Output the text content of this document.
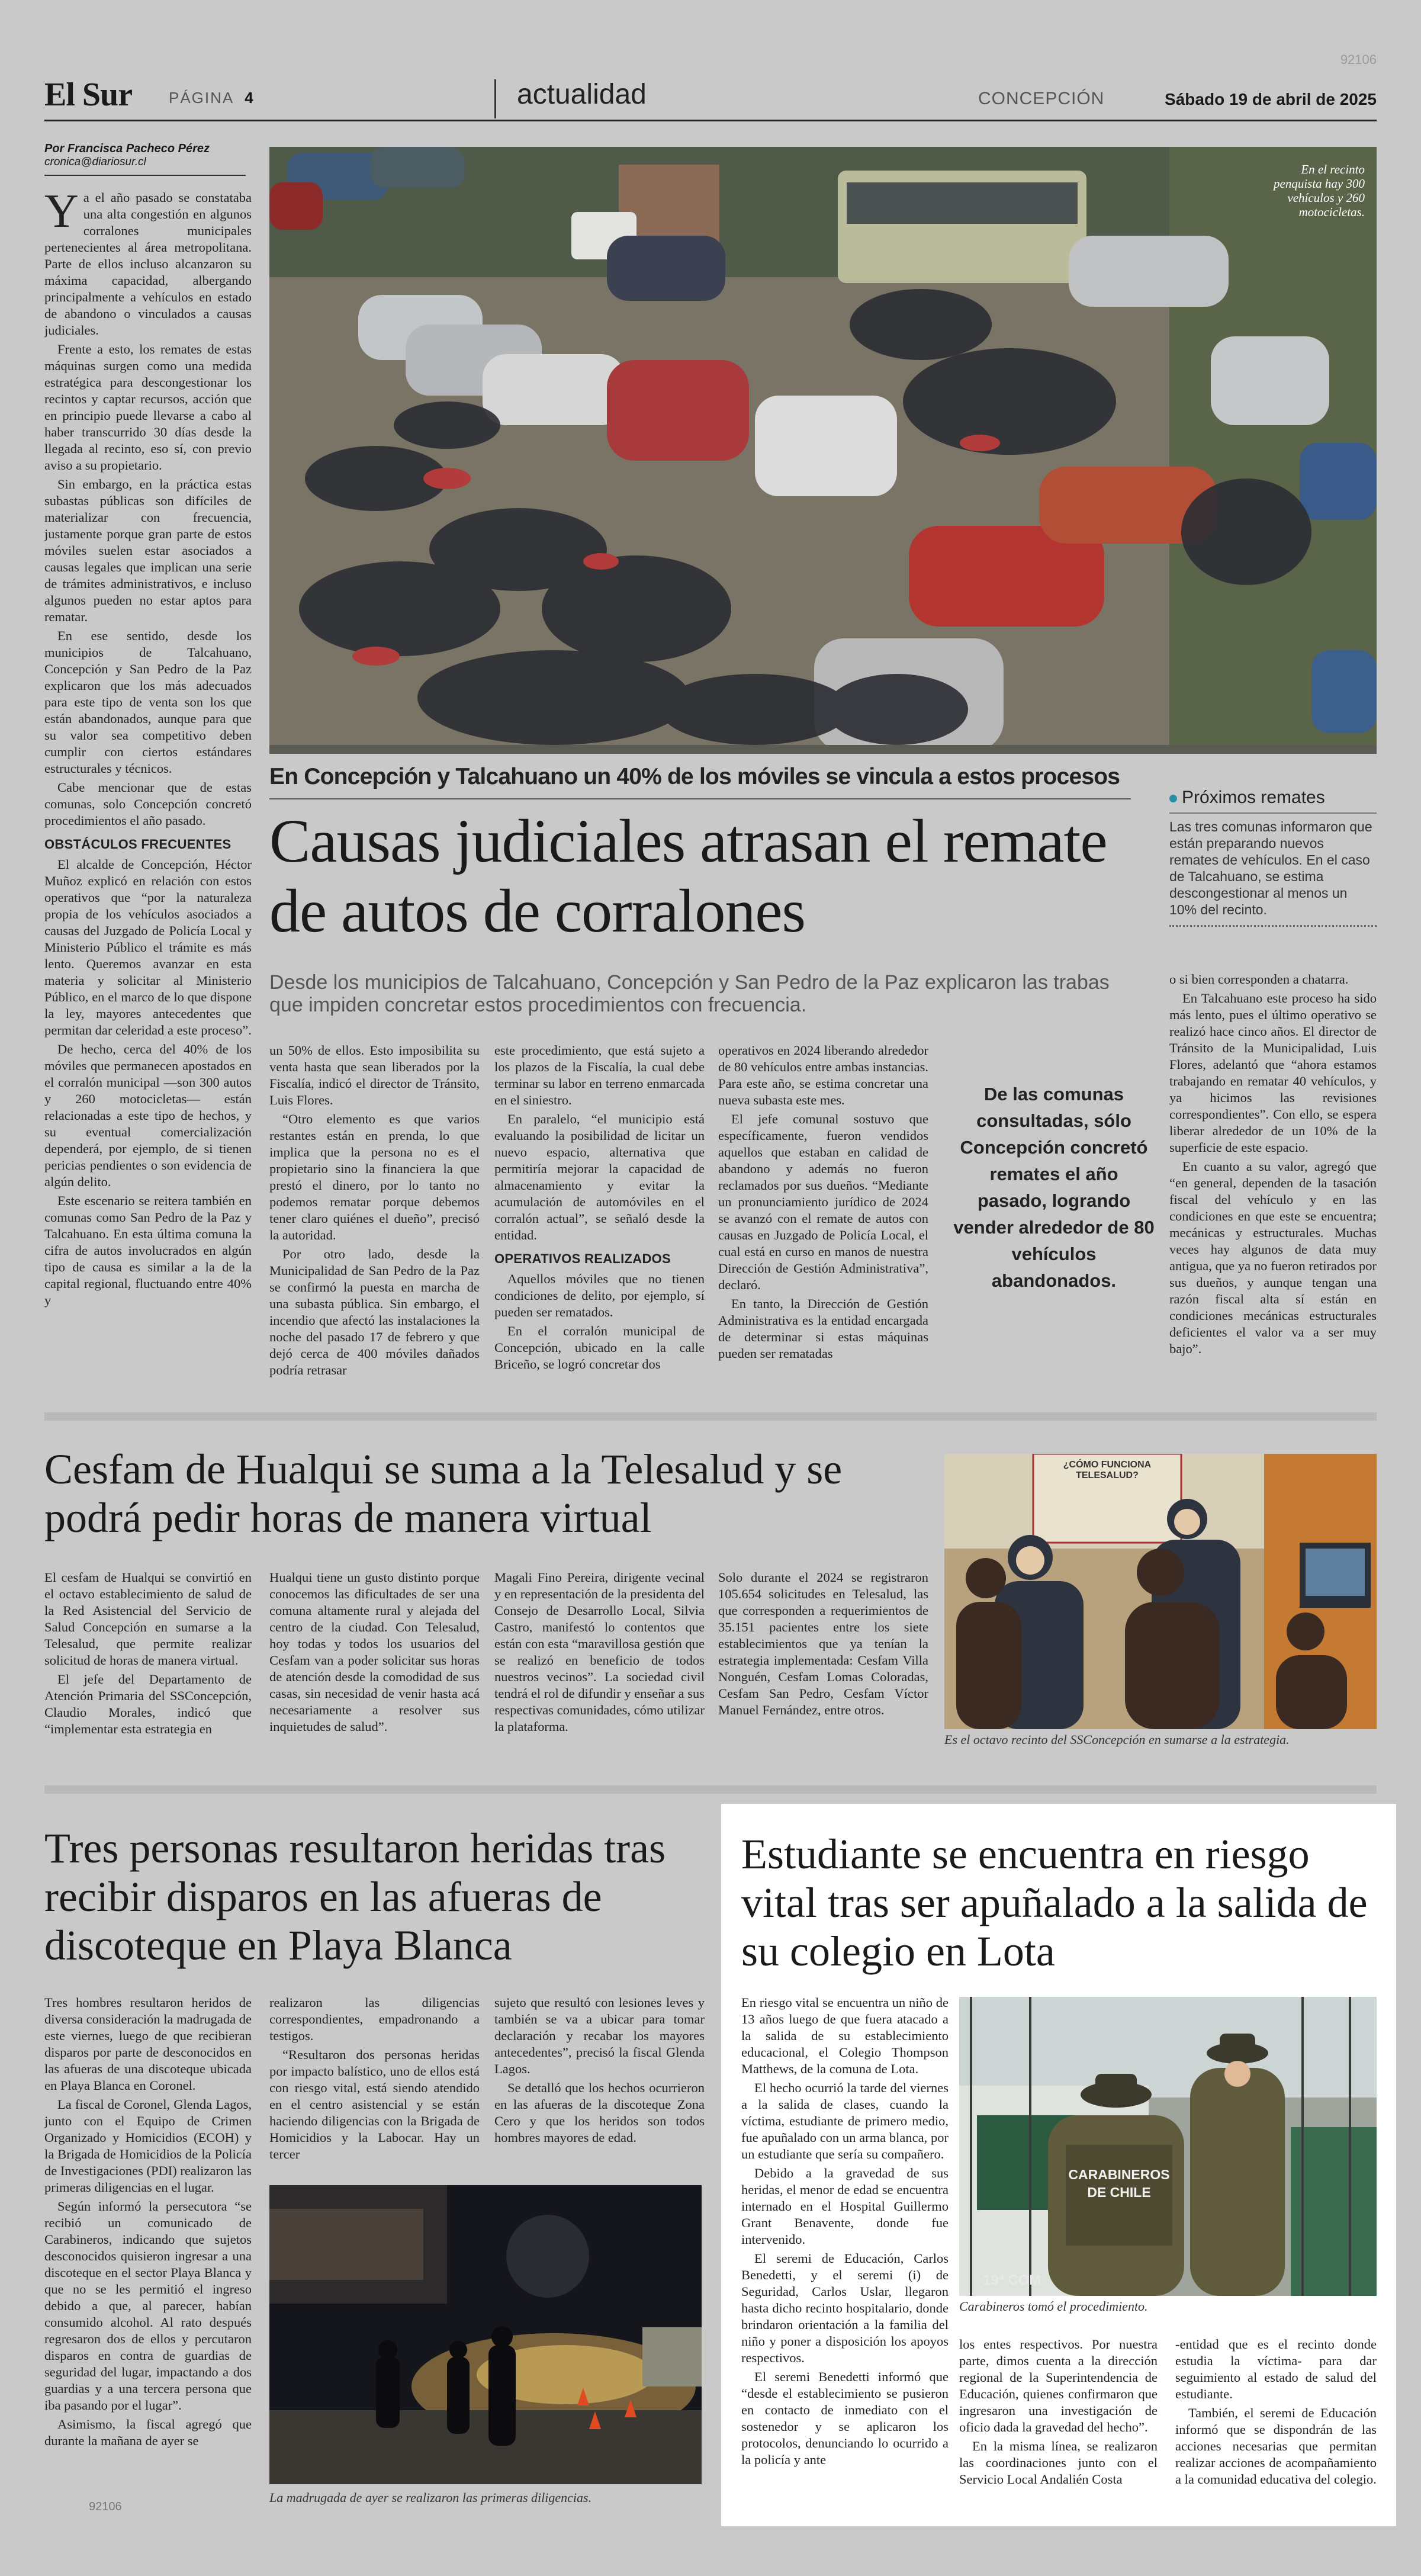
92106
El Sur PÁGINA 4	actualidad	CONCEPCIÓN	Sábado 19 de abril de 2025
Por Francisca Pacheco Pérez
cronica@diariosur.cl

Ya el año pasado se constataba una alta congestión en algunos corralones municipales pertenecientes al área metropolitana. Parte de ellos incluso alcanzaron su máxima capacidad, albergando principalmente a vehículos en estado de abandono o vinculados a causas judiciales.

Frente a esto, los remates de estas máquinas surgen como una medida estratégica para descongestionar los recintos y captar recursos, acción que en principio puede llevarse a cabo al haber transcurrido 30 días desde la llegada al recinto, eso sí, con previo aviso a su propietario.

Sin embargo, en la práctica estas subastas públicas son difíciles de materializar con frecuencia, justamente porque gran parte de estos móviles suelen estar asociados a causas legales que implican una serie de trámites administrativos, e incluso algunos pueden no estar aptos para rematar.

En ese sentido, desde los municipios de Talcahuano, Concepción y San Pedro de la Paz explicaron que los más adecuados para este tipo de venta son los que están abandonados, aunque para que su valor sea competitivo deben cumplir con ciertos estándares estructurales y técnicos.

Cabe mencionar que de estas comunas, solo Concepción concretó procedimientos el año pasado.

OBSTÁCULOS FRECUENTES

El alcalde de Concepción, Héctor Muñoz explicó en relación con estos operativos que “por la naturaleza propia de los vehículos asociados a causas del Juzgado de Policía Local y Ministerio Público el trámite es más lento. Queremos avanzar en esta materia y solicitar al Ministerio Público, en el marco de lo que dispone la ley, mayores antecedentes que permitan dar celeridad a este proceso”.

De hecho, cerca del 40% de los móviles que permanecen apostados en el corralón municipal —son 300 autos y 260 motocicletas— están relacionadas a este tipo de hechos, y su eventual comercialización dependerá, por ejemplo, de si tienen pericias pendientes o son evidencia de algún delito.

Este escenario se reitera también en comunas como San Pedro de la Paz y Talcahuano. En esta última comuna la cifra de autos involucrados en algún tipo de causa es similar a la de la capital regional, fluctuando entre 40% y

En el recinto penquista hay 300 vehículos y 260 motocicletas.
En Concepción y Talcahuano un 40% de los móviles se vincula a estos procesos
Causas judiciales atrasan el remate de autos de corralones
Desde los municipios de Talcahuano, Concepción y San Pedro de la Paz explicaron las trabas que impiden concretar estos procedimientos con frecuencia.
Próximos remates
Las tres comunas informaron que están preparando nuevos remates de vehículos. En el caso de Talcahuano, se estima descongestionar al menos un 10% del recinto.

un 50% de ellos. Esto imposibilita su venta hasta que sean liberados por la Fiscalía, indicó el director de Tránsito, Luis Flores.

“Otro elemento es que varios restantes están en prenda, lo que implica que la persona no es el propietario sino la financiera la que prestó el dinero, por lo tanto no podemos rematar porque debemos tener claro quiénes el dueño”, precisó la autoridad.

Por otro lado, desde la Municipalidad de San Pedro de la Paz se confirmó la puesta en marcha de una subasta pública. Sin embargo, el incendio que afectó las instalaciones la noche del pasado 17 de febrero y que dejó cerca de 400 móviles dañados podría retrasar

este procedimiento, que está sujeto a los plazos de la Fiscalía, la cual debe terminar su labor en terreno enmarcada en el siniestro.

En paralelo, “el municipio está evaluando la posibilidad de licitar un nuevo espacio, alternativa que permitiría mejorar la capacidad de almacenamiento y evitar la acumulación de automóviles en el corralón actual”, se señaló desde la entidad.

OPERATIVOS REALIZADOS

Aquellos móviles que no tienen condiciones de delito, por ejemplo, sí pueden ser rematados.

En el corralón municipal de Concepción, ubicado en la calle Briceño, se logró concretar dos

operativos en 2024 liberando alrededor de 80 vehículos entre ambas instancias. Para este año, se estima concretar una nueva subasta este mes.

El jefe comunal sostuvo que específicamente, fueron vendidos aquellos que estaban en calidad de abandono y además no fueron reclamados por sus dueños. “Mediante un pronunciamiento jurídico de 2024 se avanzó con el remate de autos con causas en Juzgado de Policía Local, el cual está en curso en manos de nuestra Dirección de Gestión Administrativa”, declaró.

En tanto, la Dirección de Gestión Administrativa es la entidad encargada de determinar si estas máquinas pueden ser rematadas

De las comunas consultadas, sólo Concepción concretó remates el año pasado, logrando vender alrededor de 80 vehículos abandonados.

o si bien corresponden a chatarra.

En Talcahuano este proceso ha sido más lento, pues el último operativo se realizó hace cinco años. El director de Tránsito de la Municipalidad, Luis Flores, adelantó que “ahora estamos trabajando en rematar 40 vehículos, y ya hicimos las revisiones correspondientes”. Con ello, se espera liberar alrededor de un 10% de la superficie de este espacio.

En cuanto a su valor, agregó que “en general, dependen de la tasación fiscal del vehículo y en las condiciones en que este se encuentra; mecánicas y estructurales. Muchas veces hay algunos de data muy antigua, que ya no fueron retirados por sus dueños, y aunque tengan una razón fiscal alta sí están en condiciones mecánicas estructurales deficientes el valor va a ser muy bajo”.

Cesfam de Hualqui se suma a la Telesalud y se podrá pedir horas de manera virtual

El cesfam de Hualqui se convirtió en el octavo establecimiento de salud de la Red Asistencial del Servicio de Salud Concepción en sumarse a la Telesalud, que permite realizar solicitud de horas de manera virtual.

El jefe del Departamento de Atención Primaria del SSConcepción, Claudio Morales, indicó que “implementar esta estrategia en

Hualqui tiene un gusto distinto porque conocemos las dificultades de ser una comuna altamente rural y alejada del centro de la ciudad. Con Telesalud, hoy todas y todos los usuarios del Cesfam van a poder solicitar sus horas de atención desde la comodidad de sus casas, sin necesidad de venir hasta acá necesariamente a resolver sus inquietudes de salud”.

Magali Fino Pereira, dirigente vecinal y en representación de la presidenta del Consejo de Desarrollo Local, Silvia Castro, manifestó lo contentos que están con esta “maravillosa gestión que se realizó en beneficio de todos nuestros vecinos”. La sociedad civil tendrá el rol de difundir y enseñar a sus respectivas comunidades, cómo utilizar la plataforma.

Solo durante el 2024 se registraron 105.654 solicitudes en Telesalud, las que corresponden a requerimientos de 35.151 pacientes entre los siete establecimientos que ya tenían la estrategia implementada: Cesfam Villa Nonguén, Cesfam Lomas Coloradas, Cesfam San Pedro, Cesfam Víctor Manuel Fernández, entre otros.

¿CÓMO FUNCIONA TELESALUD?
Es el octavo recinto del SSConcepción en sumarse a la estrategia.
Tres personas resultaron heridas tras recibir disparos en las afueras de discoteque en Playa Blanca

Tres hombres resultaron heridos de diversa consideración la madrugada de este viernes, luego de que recibieran disparos por parte de desconocidos en las afueras de una discoteque ubicada en Playa Blanca en Coronel.

La fiscal de Coronel, Glenda Lagos, junto con el Equipo de Crimen Organizado y Homicidios (ECOH) y la Brigada de Homicidios de la Policía de Investigaciones (PDI) realizaron las primeras diligencias en el lugar.

Según informó la persecutora “se recibió un comunicado de Carabineros, indicando que sujetos desconocidos quisieron ingresar a una discoteque en el sector Playa Blanca y que no se les permitió el ingreso debido a que, al parecer, habían consumido alcohol. Al rato después regresaron dos de ellos y percutaron disparos en contra de guardias de seguridad del lugar, impactando a dos guardias y a una tercera persona que iba pasando por el lugar”.

Asimismo, la fiscal agregó que durante la mañana de ayer se

realizaron las diligencias correspondientes, empadronando a testigos.

“Resultaron dos personas heridas por impacto balístico, uno de ellos está con riesgo vital, está siendo atendido en el centro asistencial y se están haciendo diligencias con la Brigada de Homicidios y la Labocar. Hay un tercer

sujeto que resultó con lesiones leves y también se va a ubicar para tomar declaración y recabar los mayores antecedentes”, precisó la fiscal Glenda Lagos.

Se detalló que los hechos ocurrieron en las afueras de la discoteque Zona Cero y que los heridos son todos hombres mayores de edad.

La madrugada de ayer se realizaron las primeras diligencias.
92106
Estudiante se encuentra en riesgo vital tras ser apuñalado a la salida de su colegio en Lota

En riesgo vital se encuentra un niño de 13 años luego de que fuera atacado a la salida de su establecimiento educacional, el Colegio Thompson Matthews, de la comuna de Lota.

El hecho ocurrió la tarde del viernes a la salida de clases, cuando la víctima, estudiante de primero medio, fue apuñalado con un arma blanca, por un estudiante que sería su compañero.

Debido a la gravedad de sus heridas, el menor de edad se encuentra internado en el Hospital Guillermo Grant Benavente, donde fue intervenido.

El seremi de Educación, Carlos Benedetti, y el seremi (i) de Seguridad, Carlos Uslar, llegaron hasta dicho recinto hospitalario, donde brindaron orientación a la familia del niño y poner a disposición los apoyos respectivos.

El seremi Benedetti informó que “desde el establecimiento se pusieron en contacto de inmediato con el sostenedor y se aplicaron los protocolos, denunciando lo ocurrido a la policía y ante

CARABINEROS DE CHILE
19ª COM
Carabineros tomó el procedimiento.

los entes respectivos. Por nuestra parte, dimos cuenta a la dirección regional de la Superintendencia de Educación, quienes confirmaron que ingresaron una investigación de oficio dada la gravedad del hecho”.

En la misma línea, se realizaron las coordinaciones junto con el Servicio Local Andalién Costa

-entidad que es el recinto donde estudia la víctima- para dar seguimiento al estado de salud del estudiante.

También, el seremi de Educación informó que se dispondrán de las acciones necesarias que permitan realizar acciones de acompañamiento a la comunidad educativa del colegio.
